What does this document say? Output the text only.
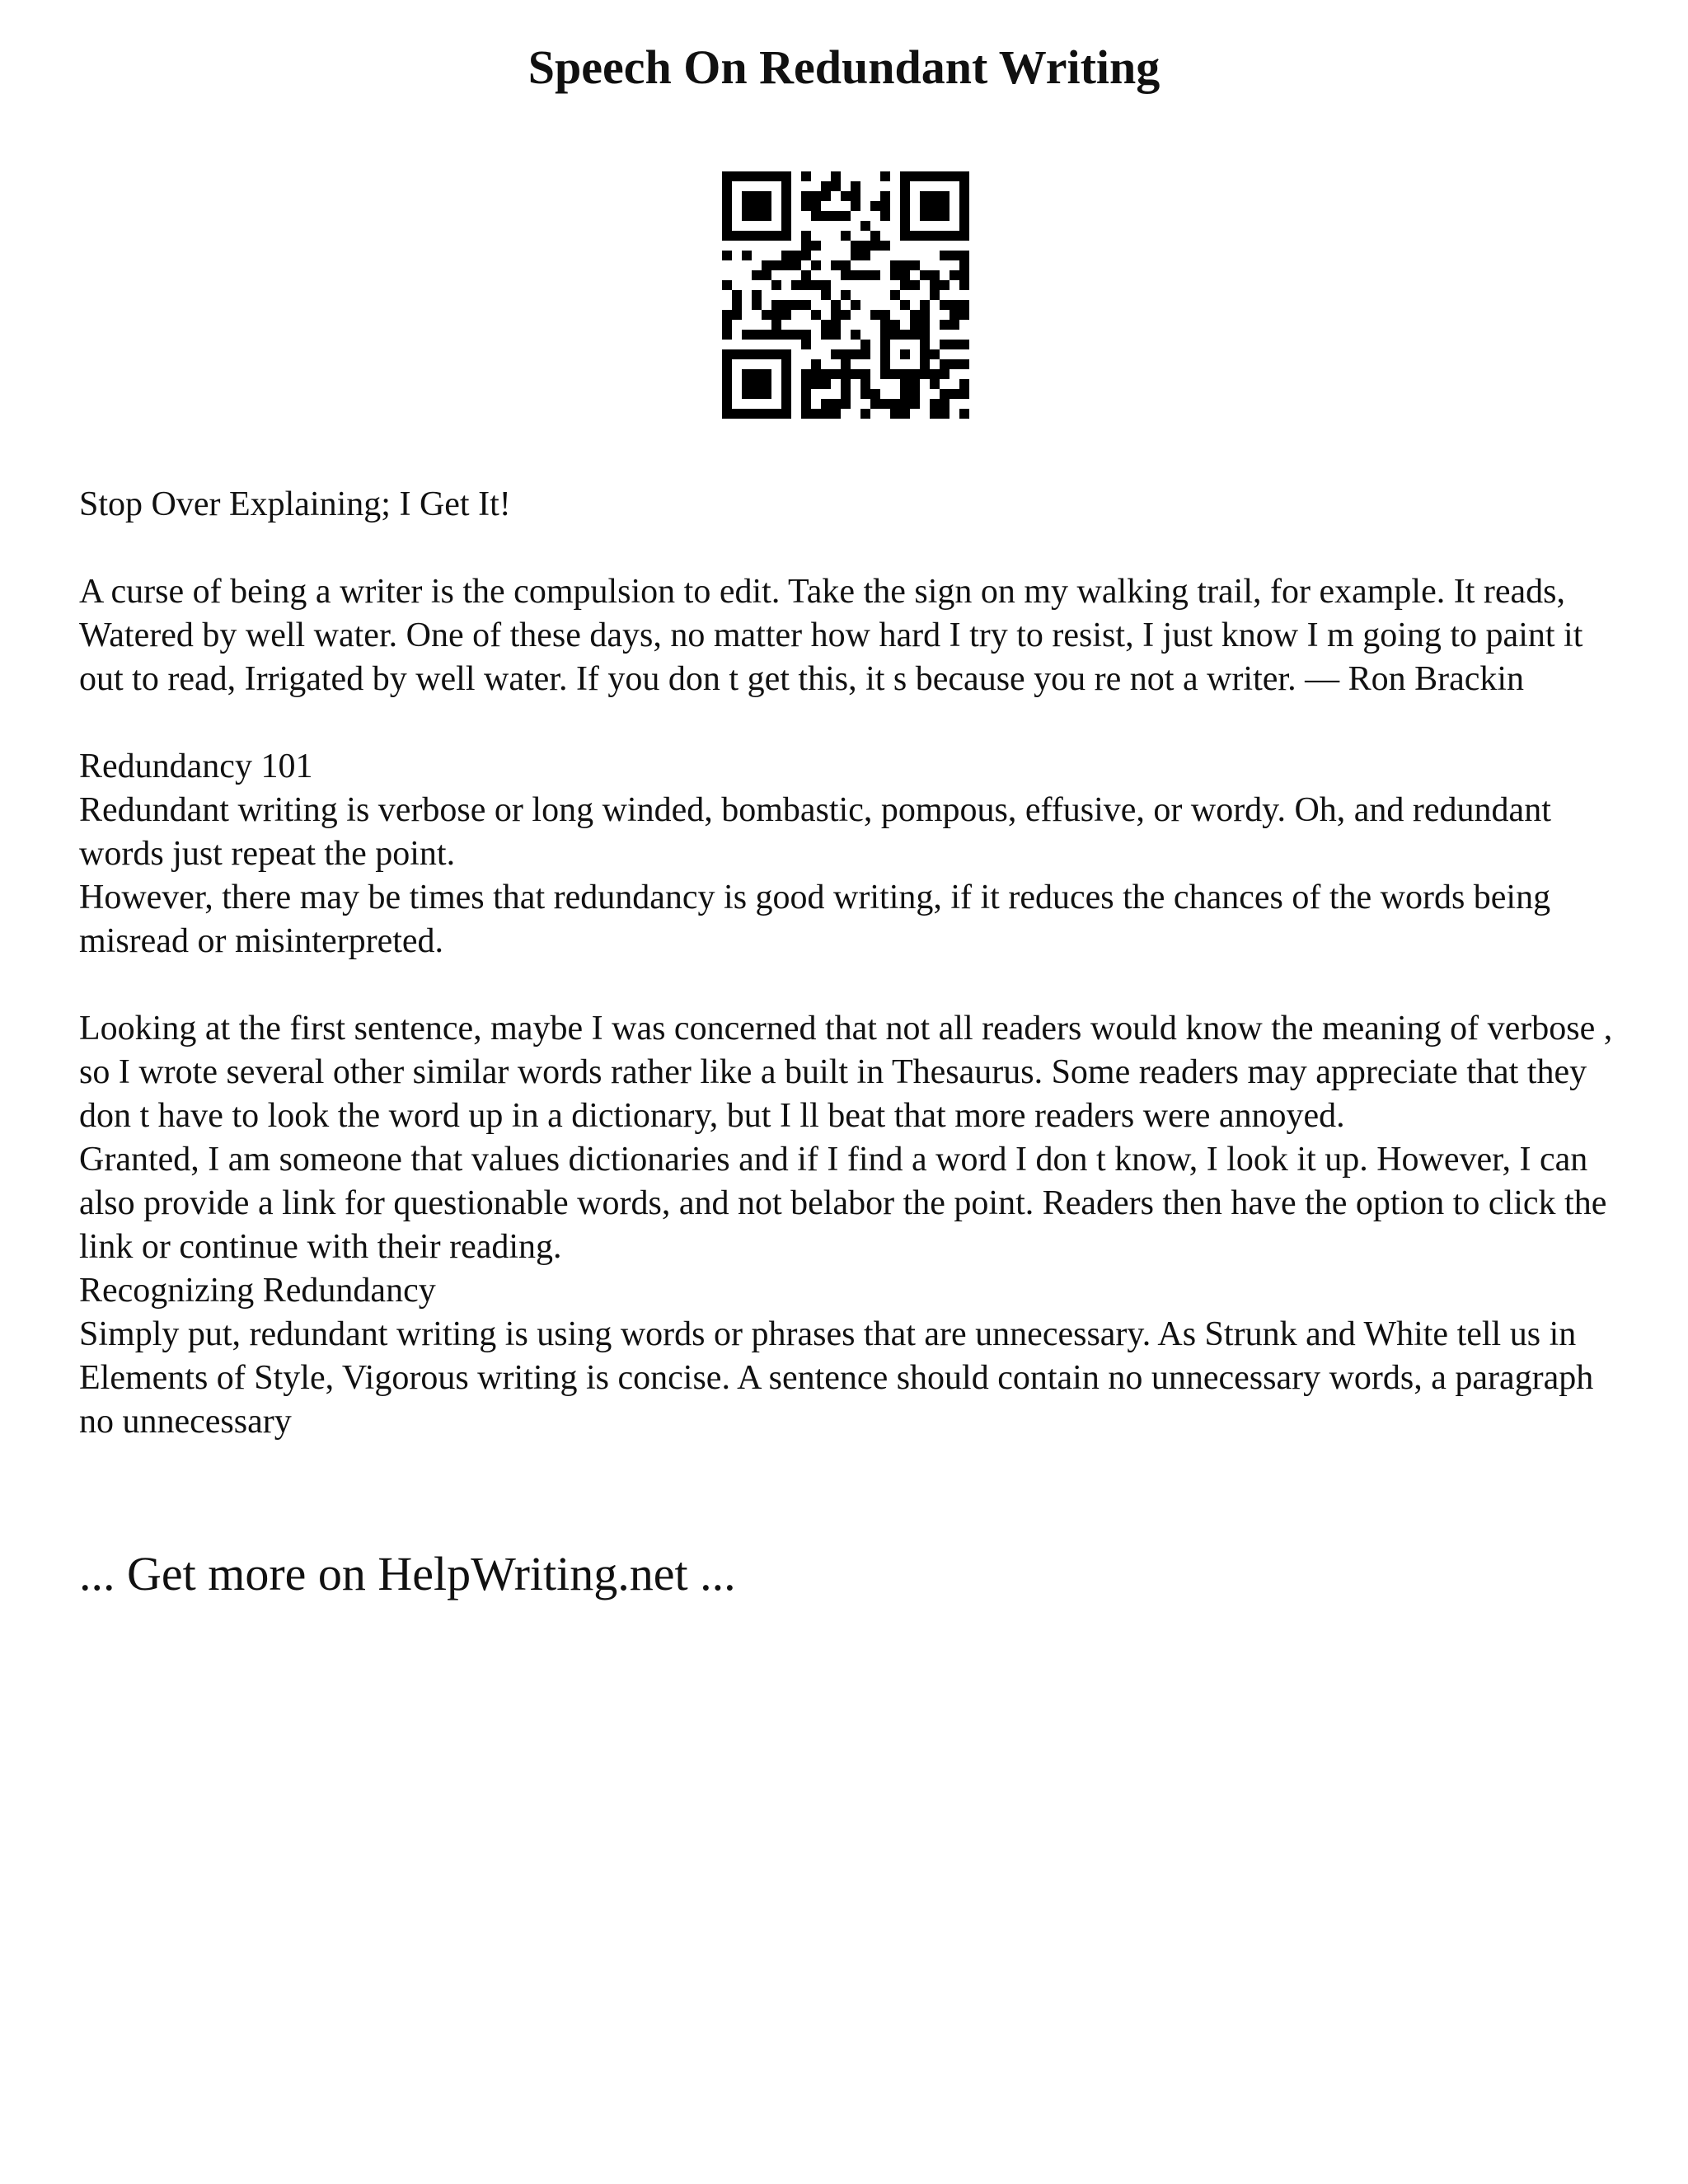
Speech On Redundant Writing

Stop Over Explaining; I Get It!

A curse of being a writer is the compulsion to edit. Take the sign on my walking trail, for example. It reads, Watered by well water. One of these days, no matter how hard I try to resist, I just know I m going to paint it out to read, Irrigated by well water. If you don t get this, it s because you re not a writer. ― Ron Brackin

Redundancy 101

Redundant writing is verbose or long winded, bombastic, pompous, effusive, or wordy. Oh, and redundant words just repeat the point.

However, there may be times that redundancy is good writing, if it reduces the chances of the words being misread or misinterpreted.

Looking at the first sentence, maybe I was concerned that not all readers would know the meaning of verbose , so I wrote several other similar words rather like a built in Thesaurus. Some readers may appreciate that they don t have to look the word up in a dictionary, but I ll beat that more readers were annoyed.

Granted, I am someone that values dictionaries and if I find a word I don t know, I look it up. However, I can also provide a link for questionable words, and not belabor the point. Readers then have the option to click the link or continue with their reading.

Recognizing Redundancy

Simply put, redundant writing is using words or phrases that are unnecessary. As Strunk and White tell us in Elements of Style, Vigorous writing is concise. A sentence should contain no unnecessary words, a paragraph no unnecessary

... Get more on HelpWriting.net ...
